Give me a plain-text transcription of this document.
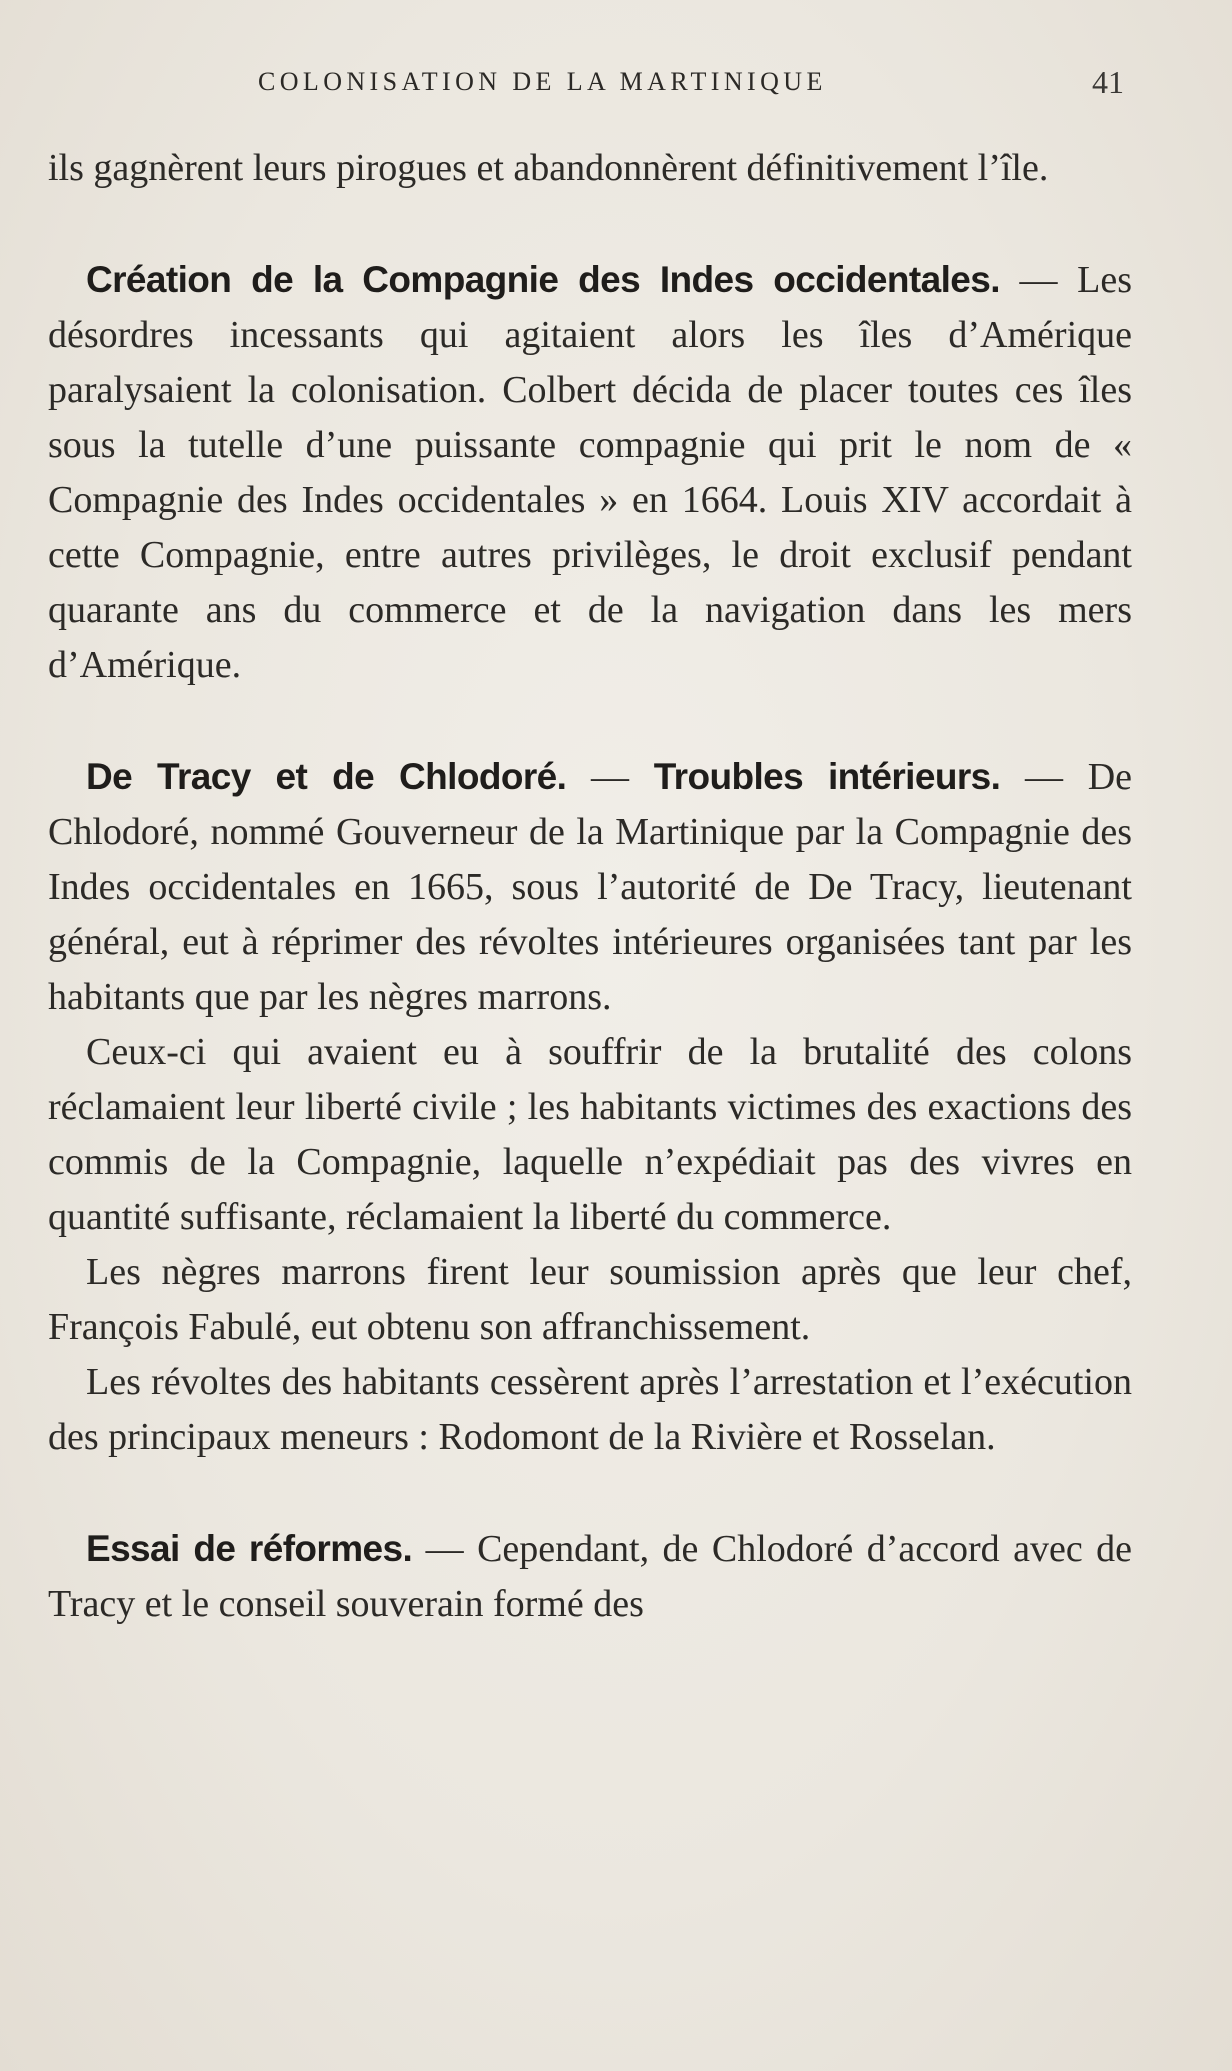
COLONISATION DE LA MARTINIQUE	41

ils gagnèrent leurs pirogues et abandonnèrent définitivement l’île.

Création de la Compagnie des Indes occidentales. — Les désordres incessants qui agitaient alors les îles d’Amérique paralysaient la colonisation. Colbert décida de placer toutes ces îles sous la tutelle d’une puissante compagnie qui prit le nom de « Compagnie des Indes occidentales » en 1664. Louis XIV accordait à cette Compagnie, entre autres privilèges, le droit exclusif pendant quarante ans du commerce et de la navigation dans les mers d’Amérique.

De Tracy et de Chlodoré. — Troubles intérieurs. — De Chlodoré, nommé Gouverneur de la Martinique par la Compagnie des Indes occidentales en 1665, sous l’autorité de De Tracy, lieutenant général, eut à réprimer des révoltes intérieures organisées tant par les habitants que par les nègres marrons.

Ceux-ci qui avaient eu à souffrir de la brutalité des colons réclamaient leur liberté civile ; les habitants victimes des exactions des commis de la Compagnie, laquelle n’expédiait pas des vivres en quantité suffisante, réclamaient la liberté du commerce.

Les nègres marrons firent leur soumission après que leur chef, François Fabulé, eut obtenu son affranchissement.

Les révoltes des habitants cessèrent après l’arrestation et l’exécution des principaux meneurs : Rodomont de la Rivière et Rosselan.

Essai de réformes. — Cependant, de Chlodoré d’accord avec de Tracy et le conseil souverain formé des
